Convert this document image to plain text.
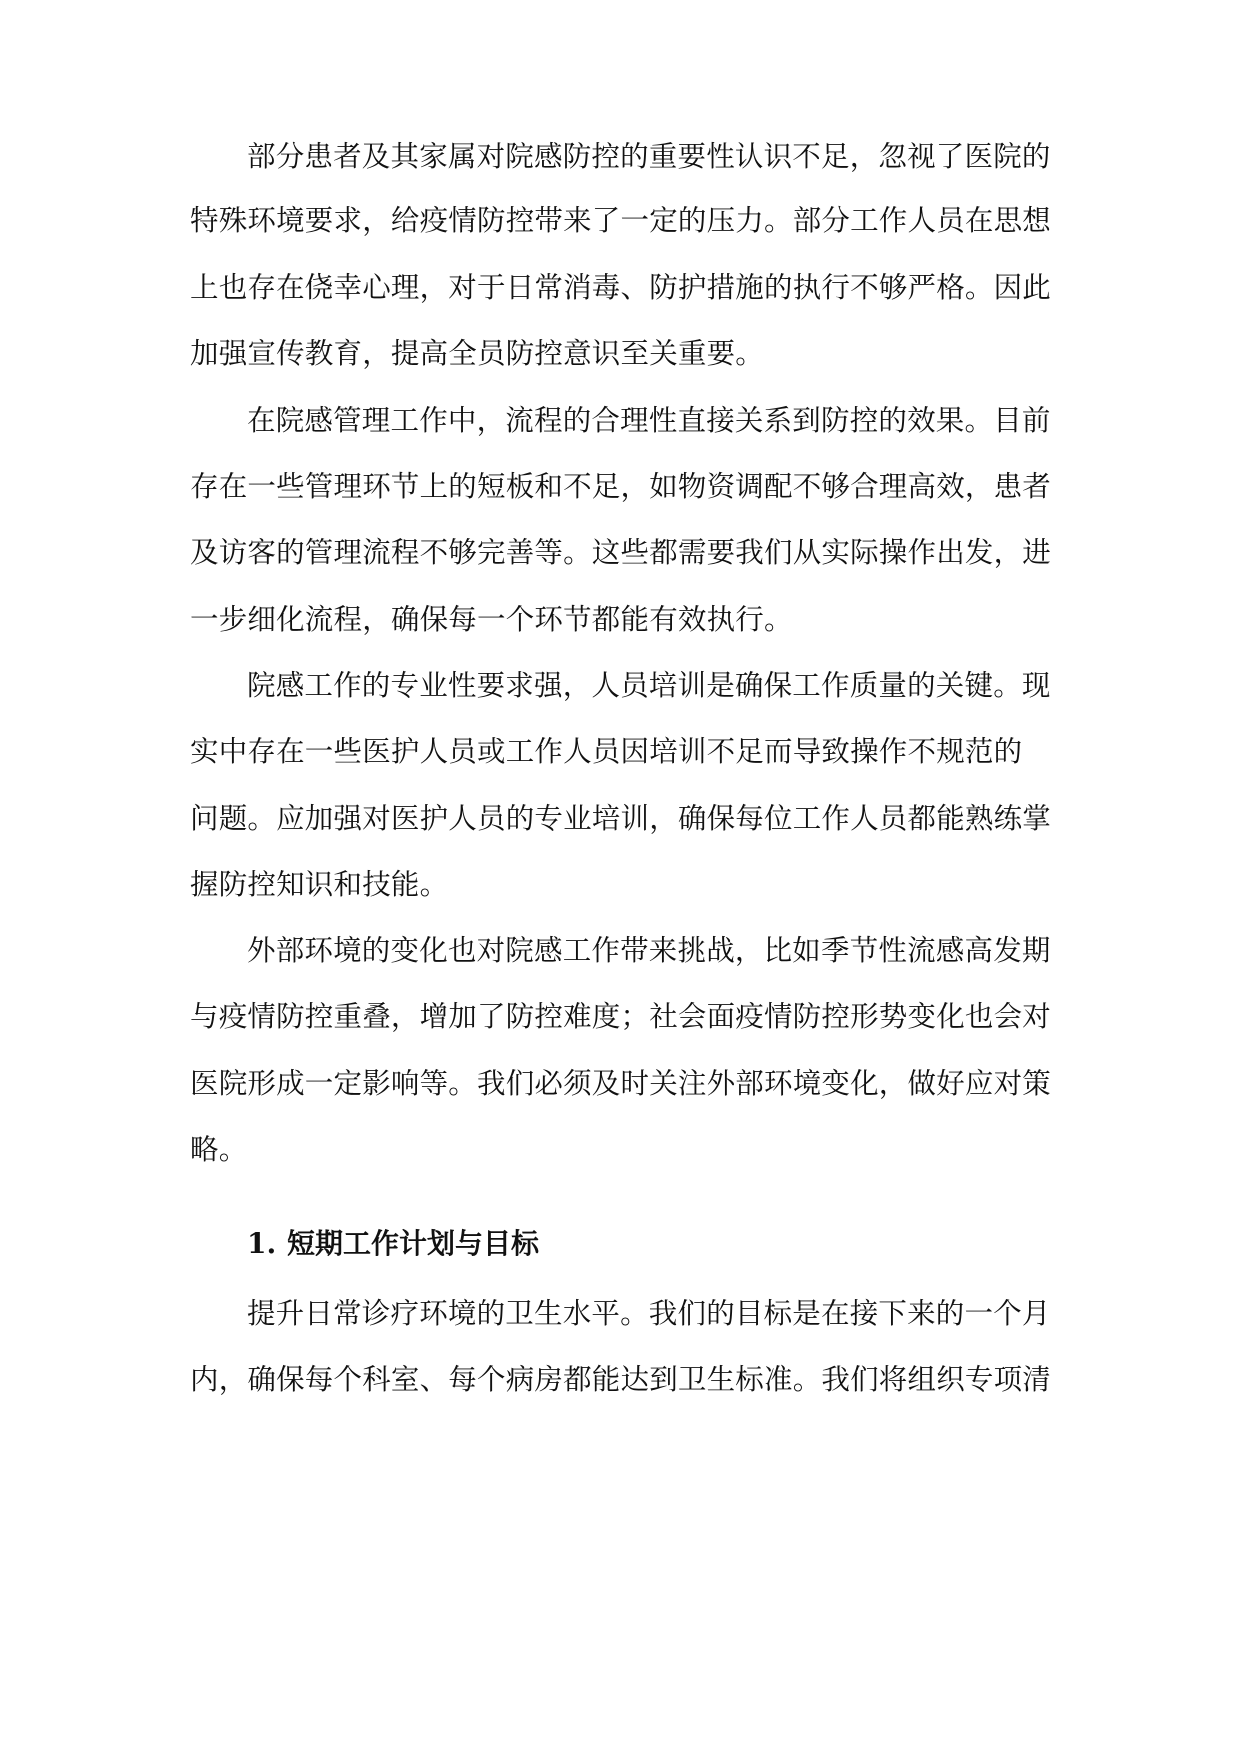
部分患者及其家属对院感防控的重要性认识不足，忽视了医院的
特殊环境要求，给疫情防控带来了一定的压力。部分工作人员在思想
上也存在侥幸心理，对于日常消毒、防护措施的执行不够严格。因此
加强宣传教育，提高全员防控意识至关重要。
在院感管理工作中，流程的合理性直接关系到防控的效果。目前
存在一些管理环节上的短板和不足，如物资调配不够合理高效，患者
及访客的管理流程不够完善等。这些都需要我们从实际操作出发，进
一步细化流程，确保每一个环节都能有效执行。
院感工作的专业性要求强，人员培训是确保工作质量的关键。现
实中存在一些医护人员或工作人员因培训不足而导致操作不规范的
问题。应加强对医护人员的专业培训，确保每位工作人员都能熟练掌
握防控知识和技能。
外部环境的变化也对院感工作带来挑战，比如季节性流感高发期
与疫情防控重叠，增加了防控难度；社会面疫情防控形势变化也会对
医院形成一定影响等。我们必须及时关注外部环境变化，做好应对策
略。
1. 短期工作计划与目标
提升日常诊疗环境的卫生水平。我们的目标是在接下来的一个月
内，确保每个科室、每个病房都能达到卫生标准。我们将组织专项清
